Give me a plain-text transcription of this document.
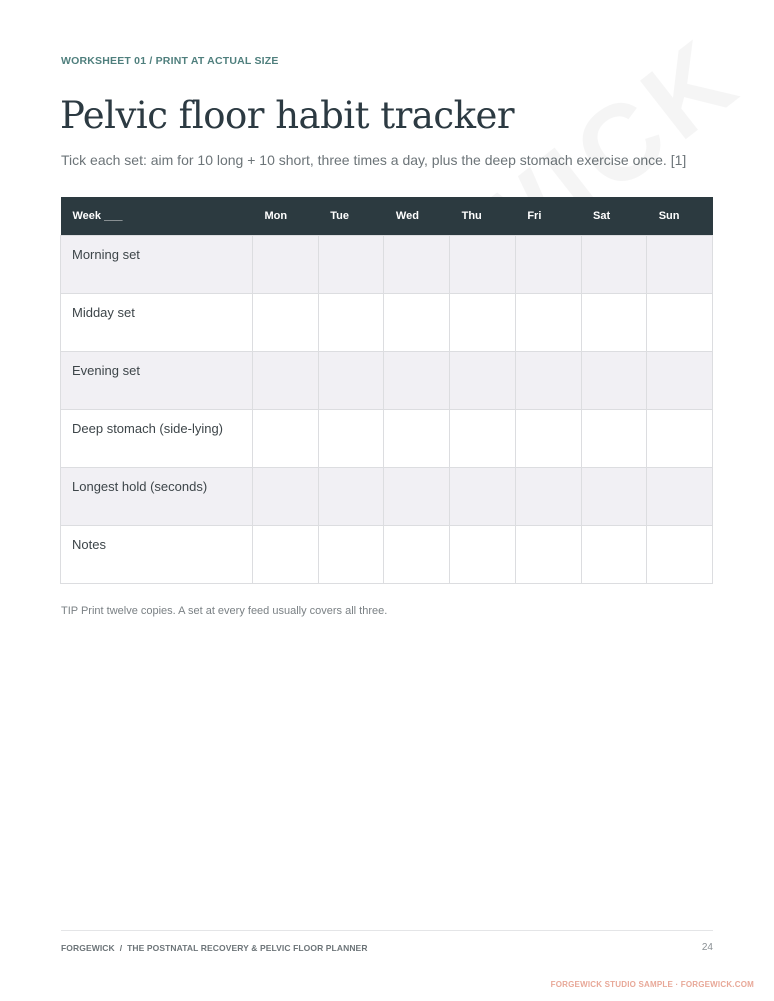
WORKSHEET 01 / PRINT AT ACTUAL SIZE
Pelvic floor habit tracker

Tick each set: aim for 10 long + 10 short, three times a day, plus the deep stomach exercise once. [1]

Week ___	Mon	Tue	Wed	Thu	Fri	Sat	Sun
Morning set							
Midday set							
Evening set							
Deep stomach (side-lying)							
Longest hold (seconds)							
Notes							

TIP Print twelve copies. A set at every feed usually covers all three.

FORGEWICK  /  THE POSTNATAL RECOVERY & PELVIC FLOOR PLANNER	24
FORGEWICK STUDIO SAMPLE · FORGEWICK.COM
